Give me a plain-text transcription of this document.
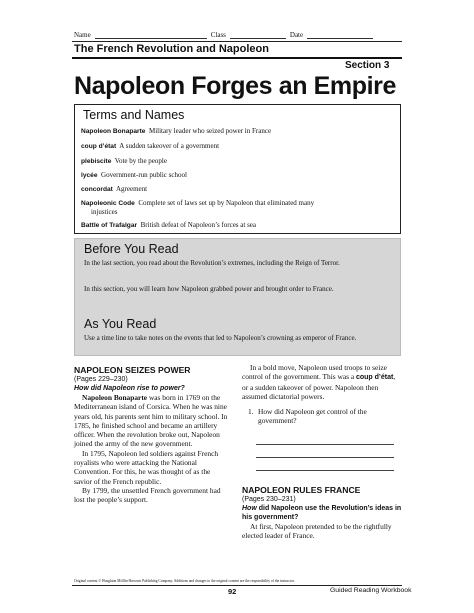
Name	Class	Date
The French Revolution and Napoleon
Section 3
Napoleon Forges an Empire
Terms and Names
Napoleon Bonaparte Military leader who seized power in France
coup d’état A sudden takeover of a government
plebiscite Vote by the people
lycée Government-run public school
concordat Agreement
Napoleonic Code Complete set of laws set up by Napoleon that eliminated many
injustices
Battle of Trafalgar British defeat of Napoleon’s forces at sea
Before You Read
In the last section, you read about the Revolution’s extremes, including the Reign of Terror.
In this section, you will learn how Napoleon grabbed power and brought order to France.
As You Read
Use a time line to take notes on the events that led to Napoleon’s crowning as emperor of France.
NAPOLEON SEIZES POWER
(Pages 229–230)
How did Napoleon rise to power?

Napoleon Bonaparte was born in 1769 on the Mediterranean island of Corsica. When he was nine years old, his parents sent him to military school. In 1785, he finished school and became an artillery officer. When the revolution broke out, Napoleon joined the army of the new government.

In 1795, Napoleon led soldiers against French royalists who were attacking the National Convention. For this, he was thought of as the savior of the French republic.

By 1799, the unsettled French government had lost the people’s support.

In a bold move, Napoleon used troops to seize control of the government. This was a coup d’état, or a sudden takeover of power. Napoleon then assumed dictatorial powers.

1. How did Napoleon get control of the government?
NAPOLEON RULES FRANCE
(Pages 230–231)
How did Napoleon use the Revolution’s ideas in his government?

At first, Napoleon pretended to be the rightfully elected leader of France.

Original content © Houghton Mifflin Harcourt Publishing Company. Additions and changes to the original content are the responsibility of the instructor.
92	Guided Reading Workbook
